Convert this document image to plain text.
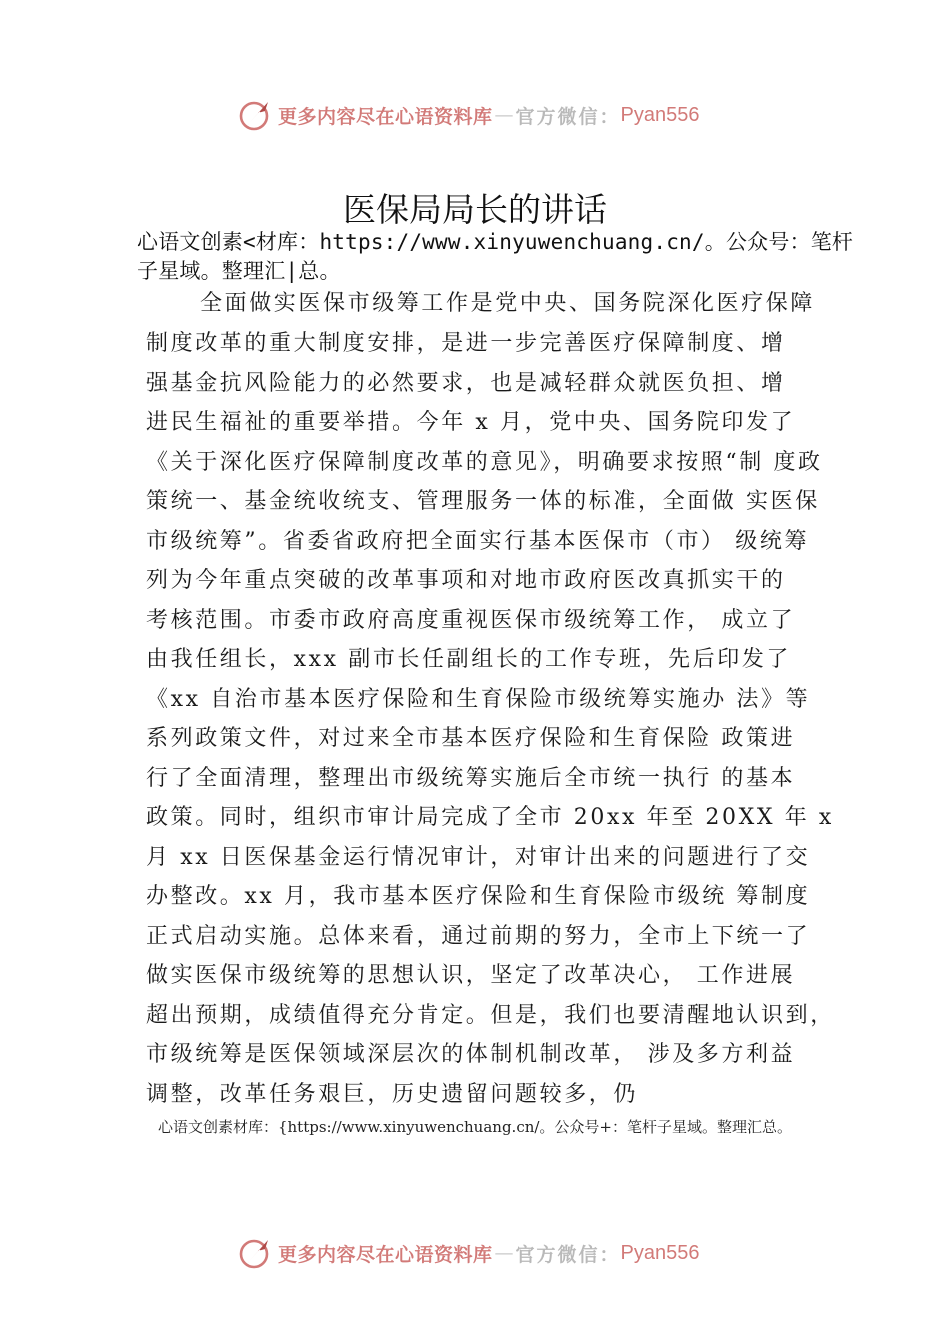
更多内容尽在心语资料库 — 官方微信： Pyan556
医保局局长的讲话
心语文创素<材库：https://www.xinyuwenchuang.cn/。公众号：笔杆子星域。整理汇|总。
全面做实医保市级筹工作是党中央、国务院深化医疗保障
制度改革的重大制度安排，是进一步完善医疗保障制度、增
强基金抗风险能力的必然要求，也是减轻群众就医负担、增
进民生福祉的重要举措。今年 x 月，党中央、国务院印发了
《关于深化医疗保障制度改革的意见》，明确要求按照“制 度政
策统一、基金统收统支、管理服务一体的标准，全面做 实医保
市级统筹”。省委省政府把全面实行基本医保市（市） 级统筹
列为今年重点突破的改革事项和对地市政府医改真抓实干的
考核范围。市委市政府高度重视医保市级统筹工作， 成立了
由我任组长，xxx 副市长任副组长的工作专班，先后印发了
《xx 自治市基本医疗保险和生育保险市级统筹实施办 法》等
系列政策文件，对过来全市基本医疗保险和生育保险 政策进
行了全面清理，整理出市级统筹实施后全市统一执行 的基本
政策。同时，组织市审计局完成了全市 20xx 年至 20XX 年 x
月 xx 日医保基金运行情况审计，对审计出来的问题进行了交
办整改。xx 月，我市基本医疗保险和生育保险市级统 筹制度
正式启动实施。总体来看，通过前期的努力，全市上下统一了
做实医保市级统筹的思想认识，坚定了改革决心， 工作进展
超出预期，成绩值得充分肯定。但是，我们也要清醒地认识到，
市级统筹是医保领域深层次的体制机制改革， 涉及多方利益
调整，改革任务艰巨，历史遗留问题较多，仍
心语文创素材库：{https://www.xinyuwenchuang.cn/。公众号+：笔杆子星域。整理汇总。
更多内容尽在心语资料库 — 官方微信： Pyan556
